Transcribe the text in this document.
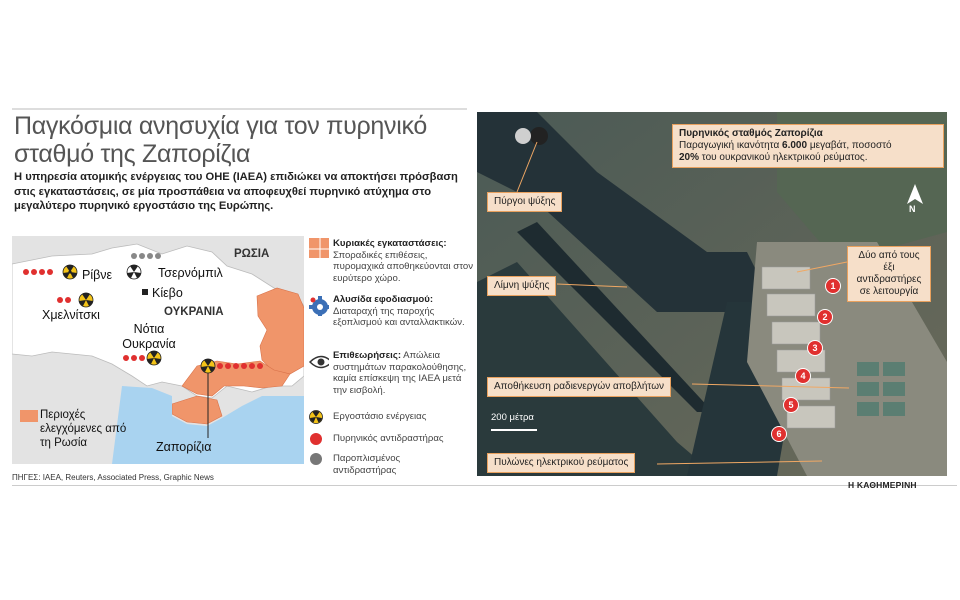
Παγκόσμια ανησυχία για τον πυρηνικό σταθμό της Ζαπορίζια
Η υπηρεσία ατομικής ενέργειας του ΟΗΕ (ΙΑΕΑ) επιδιώκει να αποκτήσει πρόσβαση στις εγκαταστάσεις, σε μία προσπάθεια να αποφευχθεί πυρηνικό ατύχημα στο μεγαλύτερο πυρηνικό εργοστάσιο της Ευρώπης.
ΡΩΣΙΑ
Ρίβνε	Τσερνόμπιλ
Κίεβο
Χμελνίτσκι	ΟΥΚΡΑΝΙΑ
Νότια Ουκρανία
Ζαπορίζια
Περιοχές ελεγχόμενες από τη Ρωσία
Κυριακές εγκαταστάσεις: Σποραδικές επιθέσεις, πυρομαχικά αποθηκεύονται στον ευρύτερο χώρο.
Αλυσίδα εφοδιασμού: Διαταραχή της παροχής εξοπλισμού και ανταλλακτικών.
Επιθεωρήσεις: Απώλεια συστημάτων παρακολούθησης, καμία επίσκεψη της ΙΑΕΑ μετά την εισβολή.
Εργοστάσιο ενέργειας
Πυρηνικός αντιδραστήρας
Παροπλισμένος αντιδραστήρας
ΠΗΓΕΣ: IAEA, Reuters, Associated Press, Graphic News
N
200 μέτρα
Πυρηνικός σταθμός Ζαπορίζια
Παραγωγική ικανότητα 6.000 μεγαβάτ, ποσοστό
20% του ουκρανικού ηλεκτρικού ρεύματος.
Πύργοι ψύξης
Λίμνη ψύξης
Δύο από τους έξι αντιδραστήρες σε λειτουργία
Αποθήκευση ραδιενεργών αποβλήτων
Πυλώνες ηλεκτρικού ρεύματος
1
2
3
4
5
6
Η ΚΑΘΗΜΕΡΙΝΗ
